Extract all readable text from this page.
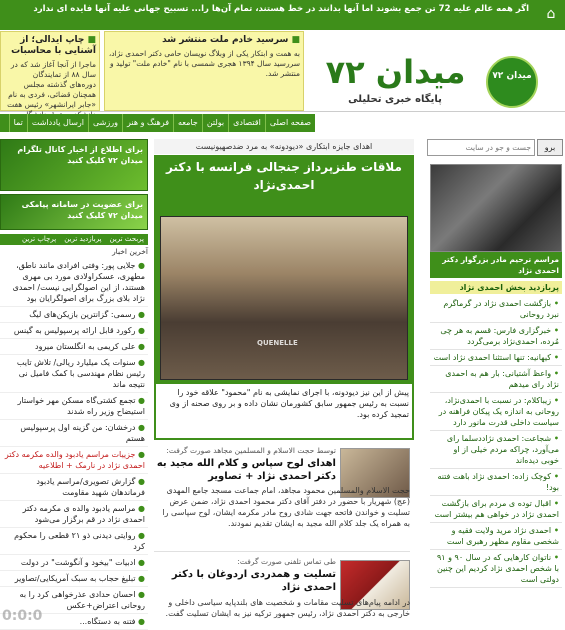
اگر همه عالم علیه 72 تن جمع بشوند اما آنها بدانند در خط هستند، تمام آن‌ها را... تسبیح جهانی علیه آنها فایده ای ندارد ⌂
■ چاپ ایدالی؛ از آشنایی با محاسبات
ماجرا از آنجا آغاز شد که در سال ۸۸ از تمایندگان دوره‌های گذشته مجلس همچنان قضائی، فردی به نام «جابر ایرانشهر» رئیس هفت
■ سرسید خادم ملت منتشر شد
به همت و ابتکار یکی از وبلاگ نویسان حامی دکتر احمدی نژاد، سررسید سال ۱۳۹۴ هجری شمسی با نام "خادم ملت" تولید و منتشر شد. میدان ۷۲
پایگاه خبری تحلیلی
میدان ۷۲
صفحه اصلی
اقتصادی
بولتن
جامعه
فرهنگ و هنر
ورزشی
ارسال یادداشت
تما
جست و جو در سایت
برو
مراسم ترحیم مادر بزرگوار دکتر احمدی نژاد
پربازدید بخش احمدی نژاد
• بازگشت احمدی نژاد در گرماگرم نبرد روحانی
• خبرگزاری فارس: قسم به هر چی مُرده، احمدی‌نژاد برمی‌گردد
• کیهانیه: تنها استثنا احمدی نژاد است
• واعظ آشتیانی: بار هم به احمدی نژاد رای میدهم
• زیباکلام: در نسبت با احمدی‌نژاد، روحانی به اندازه یک پیکان فراهنه در سیاست داخلی قدرت مانور دارد
• شجاعت: احمدی نژاد‌دسلما رای می‌آورد، چراکه مردم خیلی از او خوبی دیده‌اند
• کوچک زاده: احمدی نژاد باهت فتنه بود!
• اقبال توده ی مردم برای بازگشت احمدی نژاد در خواهی هم بیشتر است
• احمدی نژاد مرید ولایت فقیه و شخصی مقاوم مظهر رهبری است
• ناتوان کارهایی که در سال ۹۰ و ۹۱ با شخص احمدی نژاد کردیم این چنین دولتی است
اهدای جایزه ابتکاری «دیودونه» به مرد ضدصهیونیست
ملاقات طنزپرداز جنجالی فرانسه با دکتر احمدی‌نژاد
QUENELLE
پیش از این نیز دیودونه، با اجرای نمایشی به نام "محمود" علاقه خود را نسبت به رئیس جمهور سابق کشورمان نشان داده و بر روی صحنه از وی تمجید کرده بود.
توسط حجت الاسلام و المسلمین مجاهد صورت گرفت:
اهدای لوح سپاس و کلام الله مجید به دکتر احمدی نژاد + تصاویر
حجت الاسلام والمسلمین محمود مجاهد، امام جماعت مسجد جامع المهدی (عج) شهریار با حضور در دفتر آقای دکتر محمود احمدی نژاد، ضمن عرض تسلیت و خواندن فاتحه جهت شادی روح مادر مکرمه ایشان، لوح سپاسی را به همراه یک جلد کلام الله مجید به ایشان تقدیم نمودند.
طی تماس تلفنی صورت گرفت:
تسلیت و همدردی اردوغان با دکتر احمدی نژاد
در ادامه پیام‌های تسلیت مقامات و شخصیت های بلندپایه سیاسی داخلی و خارجی به دکتر احمدی نژاد، رئیس جمهور ترکیه نیز به ایشان تسلیت گفت.
برای اطلاع از اخبار کانال تلگرام میدان ۷۲ کلیک کنید
برای عضویت در سامانه پیامکی میدان ۷۲ کلیک کنید
پربحث ترین
پربازدید ترین
پرچاپ ترین
آخرین اخبار
● جلایی پور: وفتی افرادی مانند ناطق، مطهری، عسکراولادی مورد بی مهری هستند، از این اصولگرایی نیست/ احمدی نژاد بلای بزرگ برای اصولگرایان بود
● رسمی: گزانترین بازیکن‌های لیگ
● رکورد قابل ارائه پرسپولیس به گینس
● علی کریمی به انگلستان میرود
● سنوات یک میلیارد ریالی/ تلاش تایب رئیس نظام مهندسی با کمک فامیل نی نتیجه ماند
● تجمع کشتی‌گاه مسکن مهر خواستار استیضاح وزیر راه شدند
● درخشان: من گزینه اول پرسپولیس هستم
● جزییات مراسم یادبود والده مکرمه دکتر احمدی نژاد در نارمک + اطلاعیه
● گزارش تصویری/مراسم یادبود فرماندهان شهید مقاومت
● مراسم یادبود والده ی مکرمه دکتر احمدی نژاد در قم برگزار می‌شود
● روایتی دیدنی ذو ۲۱ قطعی را محکوم کرد
● ادبیات "بیخود و آنگوشت" در دولت
● تبلیغ حجاب به سبک آمریکایی/تصاویر
● احسان حدادی عذرخواهی کرد را به روحانی اعتراض+عکس
● فتنه به دستگاه...
0:0:0
